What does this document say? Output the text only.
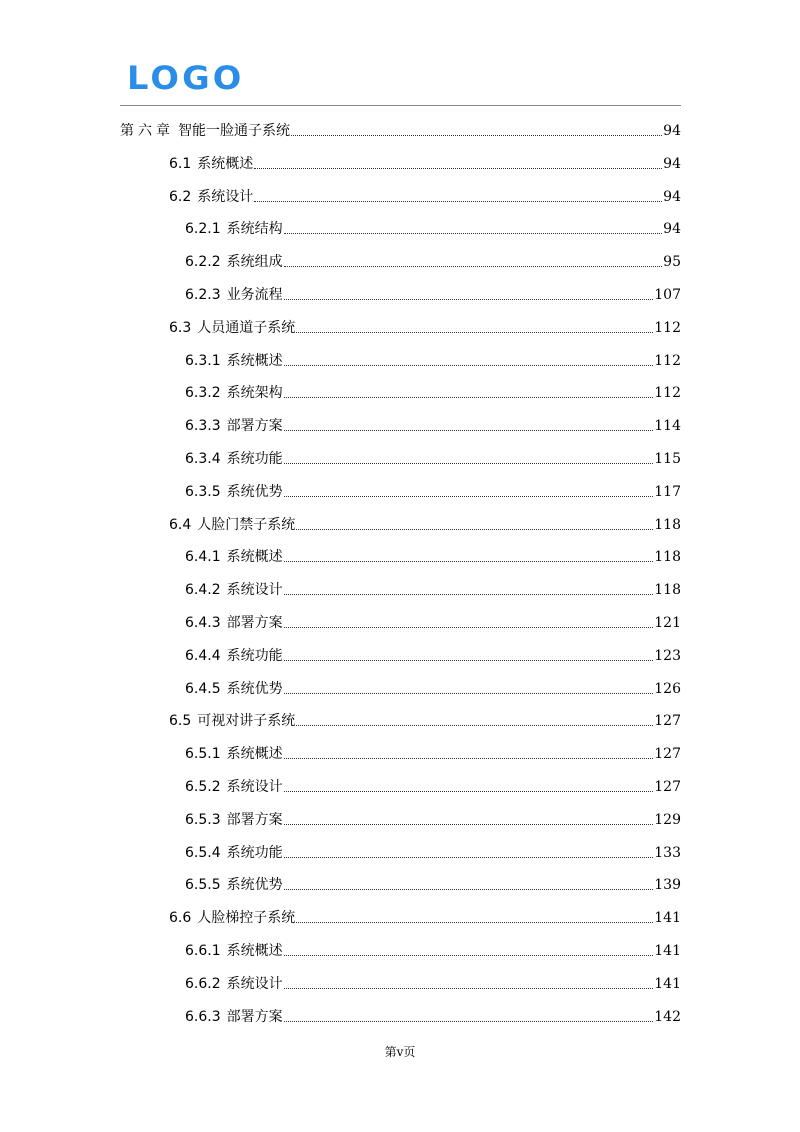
LOGO
第六章 智能一脸通子系统	94
6.1 系统概述	94
6.2 系统设计	94
6.2.1 系统结构	94
6.2.2 系统组成	95
6.2.3 业务流程	107
6.3 人员通道子系统	112
6.3.1 系统概述	112
6.3.2 系统架构	112
6.3.3 部署方案	114
6.3.4 系统功能	115
6.3.5 系统优势	117
6.4 人脸门禁子系统	118
6.4.1 系统概述	118
6.4.2 系统设计	118
6.4.3 部署方案	121
6.4.4 系统功能	123
6.4.5 系统优势	126
6.5 可视对讲子系统	127
6.5.1 系统概述	127
6.5.2 系统设计	127
6.5.3 部署方案	129
6.5.4 系统功能	133
6.5.5 系统优势	139
6.6 人脸梯控子系统	141
6.6.1 系统概述	141
6.6.2 系统设计	141
6.6.3 部署方案	142
第v页
